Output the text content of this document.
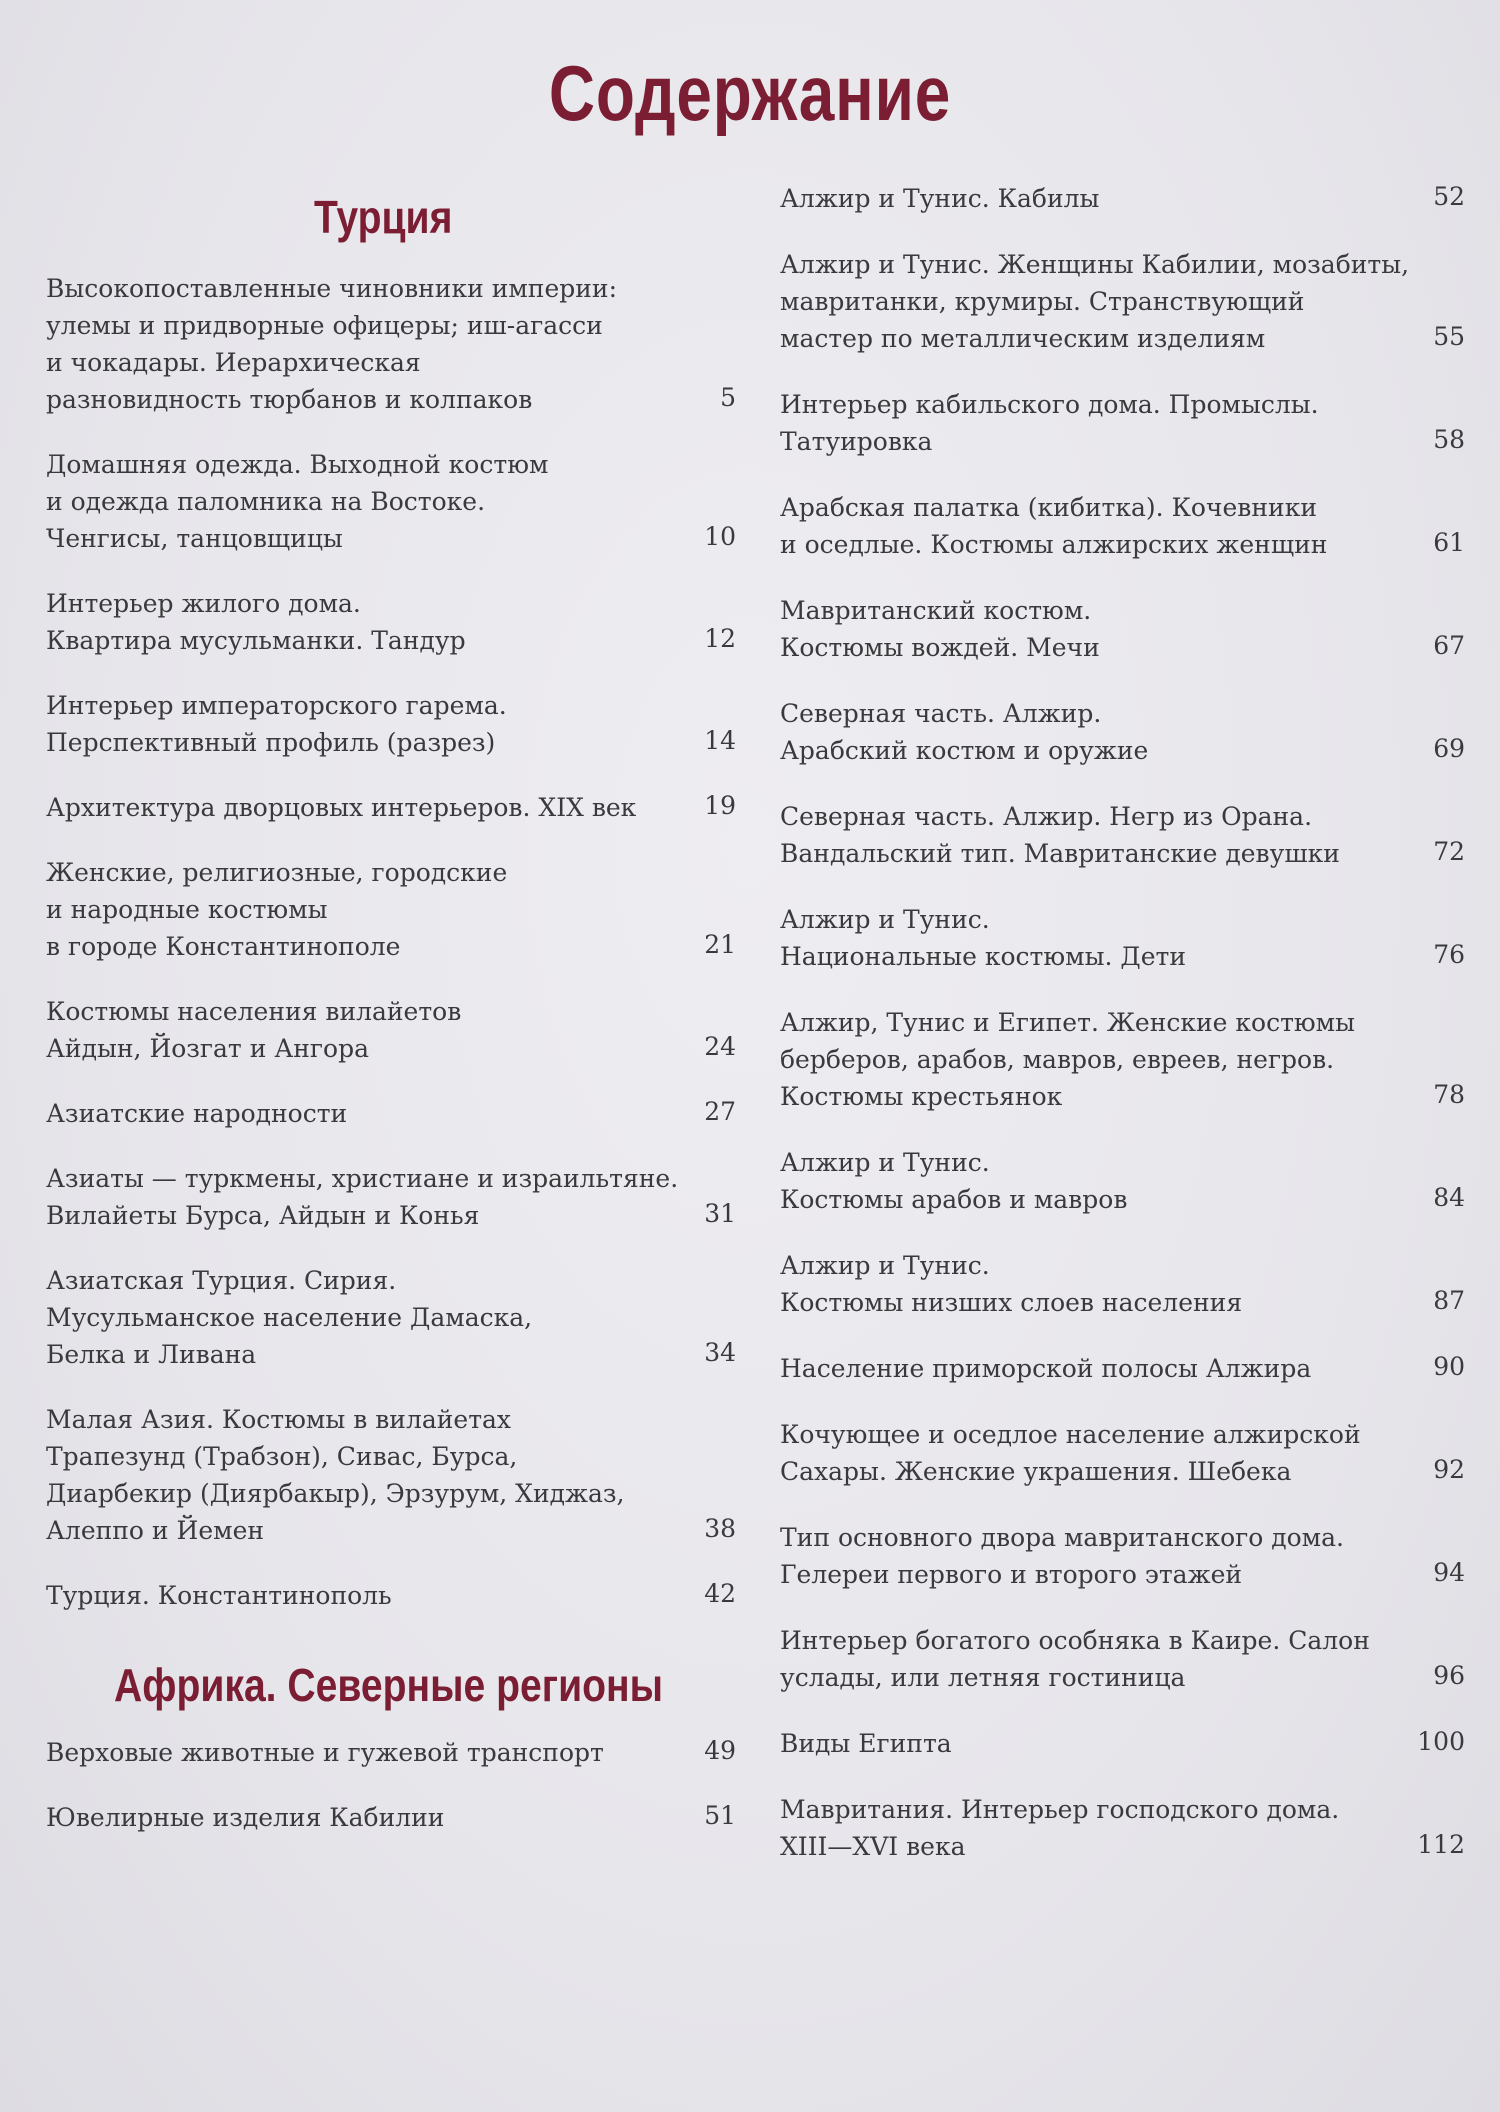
Содержание
Турция
Высокопоставленные чиновники империи:
улемы и придворные офицеры; иш-агасси
и чокадары. Иерархическая
разновидность тюрбанов и колпаков	5
Домашняя одежда. Выходной костюм
и одежда паломника на Востоке.
Ченгисы, танцовщицы	10
Интерьер жилого дома.
Квартира мусульманки. Тандур	12
Интерьер императорского гарема.
Перспективный профиль (разрез)	14
Архитектура дворцовых интерьеров. XIX век	19
Женские, религиозные, городские
и народные костюмы
в городе Константинополе	21
Костюмы населения вилайетов
Айдын, Йозгат и Ангора	24
Азиатские народности	27
Азиаты — туркмены, христиане и израильтяне.
Вилайеты Бурса, Айдын и Конья	31
Азиатская Турция. Сирия.
Мусульманское население Дамаска,
Белка и Ливана	34
Малая Азия. Костюмы в вилайетах
Трапезунд (Трабзон), Сивас, Бурса,
Диарбекир (Диярбакыр), Эрзурум, Хиджаз,
Алеппо и Йемен	38
Турция. Константинополь	42
Африка. Северные регионы
Верховые животные и гужевой транспорт	49
Ювелирные изделия Кабилии	51
Алжир и Тунис. Кабилы	52
Алжир и Тунис. Женщины Кабилии, мозабиты,
мавританки, крумиры. Странствующий
мастер по металлическим изделиям	55
Интерьер кабильского дома. Промыслы.
Татуировка	58
Арабская палатка (кибитка). Кочевники
и оседлые. Костюмы алжирских женщин	61
Мавританский костюм.
Костюмы вождей. Мечи	67
Северная часть. Алжир.
Арабский костюм и оружие	69
Северная часть. Алжир. Негр из Орана.
Вандальский тип. Мавританские девушки	72
Алжир и Тунис.
Национальные костюмы. Дети	76
Алжир, Тунис и Египет. Женские костюмы
берберов, арабов, мавров, евреев, негров.
Костюмы крестьянок	78
Алжир и Тунис.
Костюмы арабов и мавров	84
Алжир и Тунис.
Костюмы низших слоев населения	87
Население приморской полосы Алжира	90
Кочующее и оседлое население алжирской
Сахары. Женские украшения. Шебека	92
Тип основного двора мавританского дома.
Гелереи первого и второго этажей	94
Интерьер богатого особняка в Каире. Салон
услады, или летняя гостиница	96
Виды Египта	100
Мавритания. Интерьер господского дома.
XIII—XVI века	112
